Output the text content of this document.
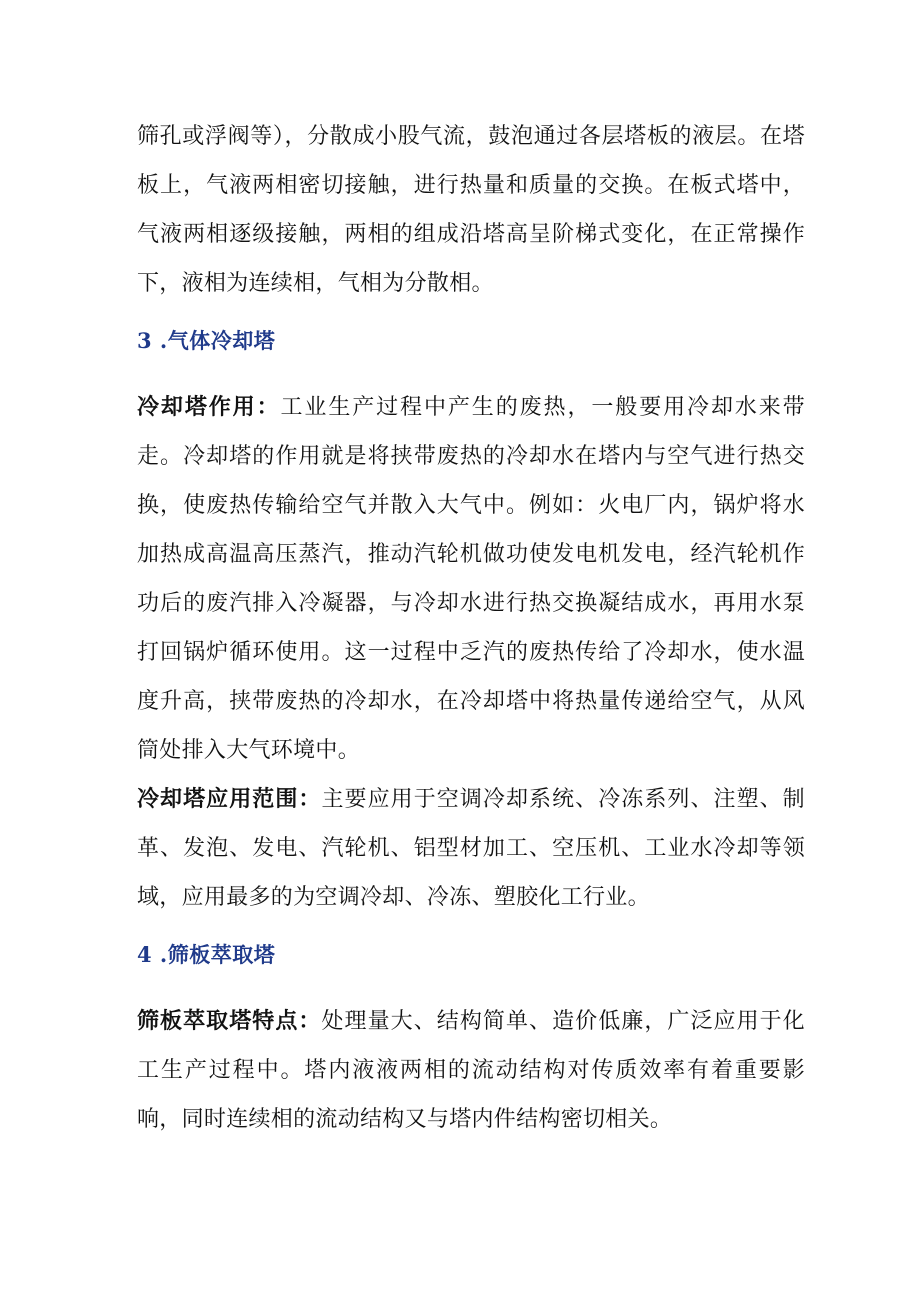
筛孔或浮阀等），分散成小股气流，鼓泡通过各层塔板的液层。在塔板上，气液两相密切接触，进行热量和质量的交换。在板式塔中，气液两相逐级接触，两相的组成沿塔高呈阶梯式变化，在正常操作下，液相为连续相，气相为分散相。

3 .气体冷却塔

冷却塔作用：工业生产过程中产生的废热，一般要用冷却水来带走。冷却塔的作用就是将挟带废热的冷却水在塔内与空气进行热交换，使废热传输给空气并散入大气中。例如：火电厂内，锅炉将水加热成高温高压蒸汽，推动汽轮机做功使发电机发电，经汽轮机作功后的废汽排入冷凝器，与冷却水进行热交换凝结成水，再用水泵打回锅炉循环使用。这一过程中乏汽的废热传给了冷却水，使水温度升高，挟带废热的冷却水，在冷却塔中将热量传递给空气，从风筒处排入大气环境中。

冷却塔应用范围：主要应用于空调冷却系统、冷冻系列、注塑、制革、发泡、发电、汽轮机、铝型材加工、空压机、工业水冷却等领域，应用最多的为空调冷却、冷冻、塑胶化工行业。

4 .筛板萃取塔

筛板萃取塔特点：处理量大、结构简单、造价低廉，广泛应用于化工生产过程中。塔内液液两相的流动结构对传质效率有着重要影响，同时连续相的流动结构又与塔内件结构密切相关。
